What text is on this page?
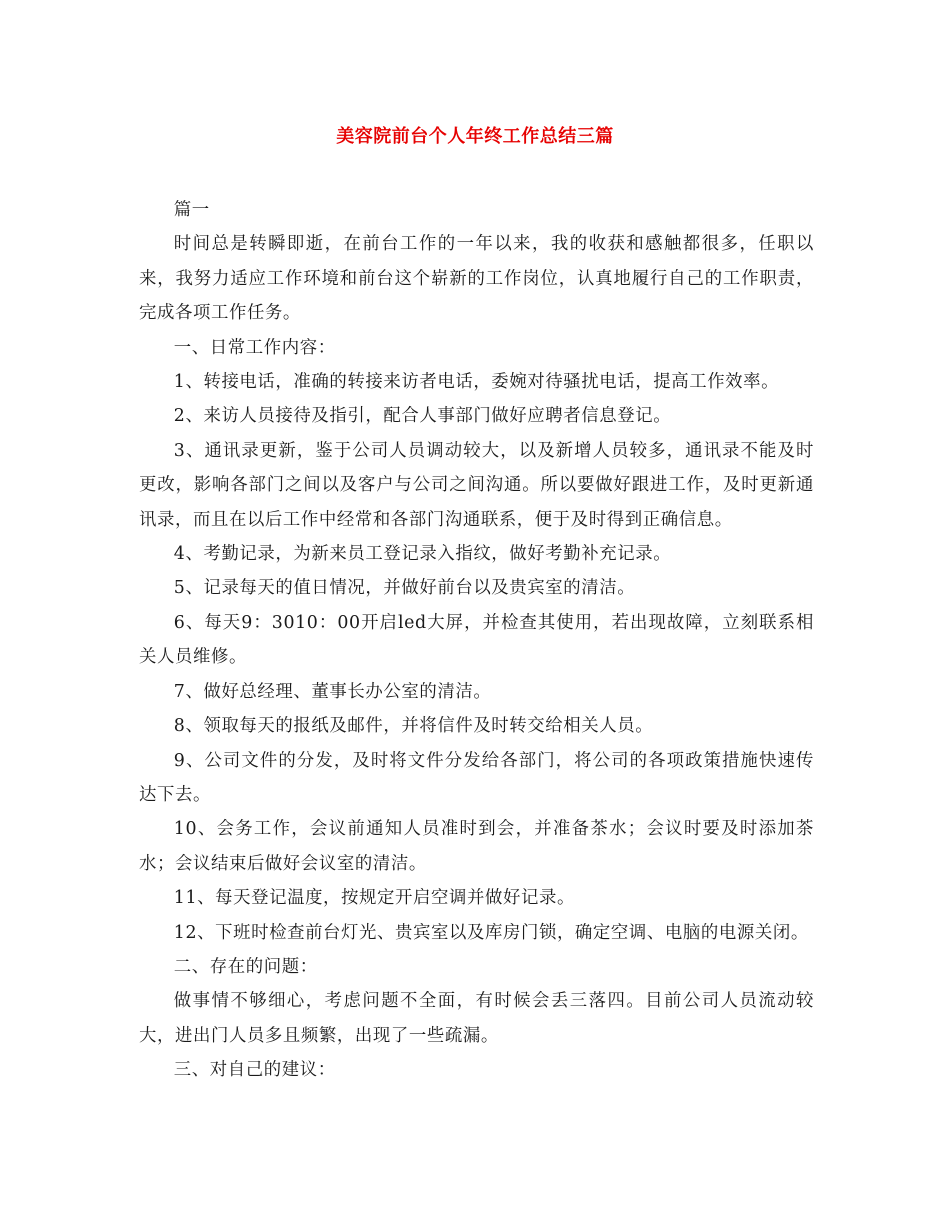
美容院前台个人年终工作总结三篇

篇一

时间总是转瞬即逝，在前台工作的一年以来，我的收获和感触都很多，任职以来，我努力适应工作环境和前台这个崭新的工作岗位，认真地履行自己的工作职责，完成各项工作任务。

一、日常工作内容：

1、转接电话，准确的转接来访者电话，委婉对待骚扰电话，提高工作效率。

2、来访人员接待及指引，配合人事部门做好应聘者信息登记。

3、通讯录更新，鉴于公司人员调动较大，以及新增人员较多，通讯录不能及时更改，影响各部门之间以及客户与公司之间沟通。所以要做好跟进工作，及时更新通讯录，而且在以后工作中经常和各部门沟通联系，便于及时得到正确信息。

4、考勤记录，为新来员工登记录入指纹，做好考勤补充记录。

5、记录每天的值日情况，并做好前台以及贵宾室的清洁。

6、每天9：3010：00开启led大屏，并检查其使用，若出现故障，立刻联系相关人员维修。

7、做好总经理、董事长办公室的清洁。

8、领取每天的报纸及邮件，并将信件及时转交给相关人员。

9、公司文件的分发，及时将文件分发给各部门，将公司的各项政策措施快速传达下去。

10、会务工作，会议前通知人员准时到会，并准备茶水；会议时要及时添加茶水；会议结束后做好会议室的清洁。

11、每天登记温度，按规定开启空调并做好记录。

12、下班时检查前台灯光、贵宾室以及库房门锁，确定空调、电脑的电源关闭。

二、存在的问题：

做事情不够细心，考虑问题不全面，有时候会丢三落四。目前公司人员流动较大，进出门人员多且频繁，出现了一些疏漏。

三、对自己的建议：
